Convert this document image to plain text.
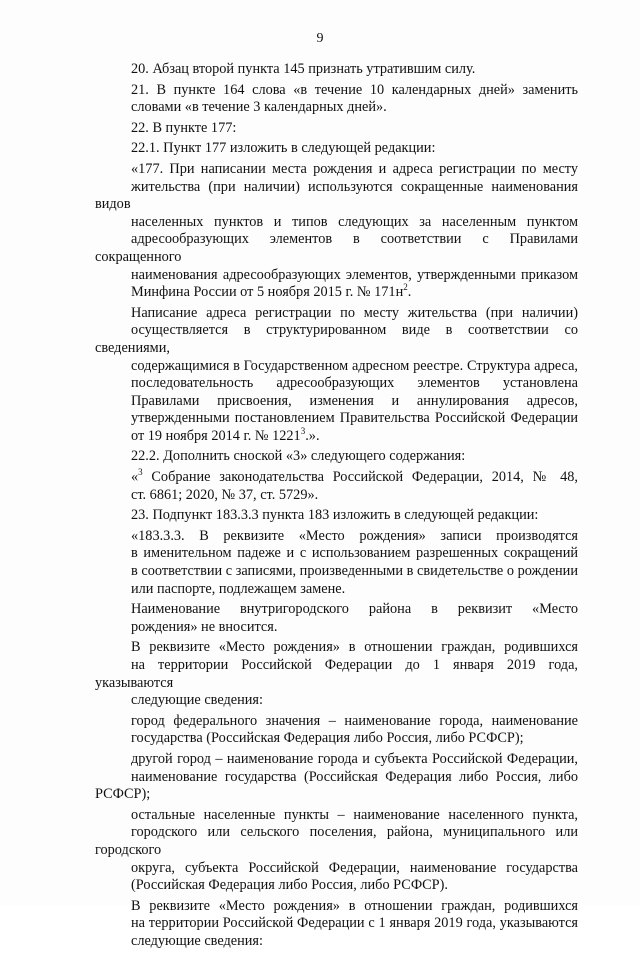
9
20. Абзац второй пункта 145 признать утратившим силу.
21. В пункте 164 слова «в течение 10 календарных дней» заменить
словами «в течение 3 календарных дней».
22. В пункте 177:
22.1. Пункт 177 изложить в следующей редакции:
«177. При написании места рождения и адреса регистрации по месту
жительства (при наличии) используются сокращенные наименования видов
населенных пунктов и типов следующих за населенным пунктом
адресообразующих элементов в соответствии с Правилами сокращенного
наименования адресообразующих элементов, утвержденными приказом
Минфина России от 5 ноября 2015 г. № $171н^2$.
Написание адреса регистрации по месту жительства (при наличии)
осуществляется в структурированном виде в соответствии со сведениями,
содержащимися в Государственном адресном реестре. Структура адреса,
последовательность адресообразующих элементов установлена
Правилами присвоения, изменения и аннулирования адресов,
утвержденными постановлением Правительства Российской Федерации
от 19 ноября 2014 г. № 1221$^3$.».
22.2. Дополнить сноской «3» следующего содержания:
«$^3$ Собрание законодательства Российской Федерации, 2014, № 48,
ст. 6861; 2020, № 37, ст. 5729».
23. Подпункт 183.3.3 пункта 183 изложить в следующей редакции:
«183.3.3. В реквизите «Место рождения» записи производятся
в именительном падеже и с использованием разрешенных сокращений
в соответствии с записями, произведенными в свидетельстве о рождении
или паспорте, подлежащем замене.
Наименование внутригородского района в реквизит «Место
рождения» не вносится.
В реквизите «Место рождения» в отношении граждан, родившихся
на территории Российской Федерации до 1 января 2019 года, указываются
следующие сведения:
город федерального значения – наименование города, наименование
государства (Российская Федерация либо Россия, либо РСФСР);
другой город – наименование города и субъекта Российской Федерации,
наименование государства (Российская Федерация либо Россия, либо РСФСР);
остальные населенные пункты – наименование населенного пункта,
городского или сельского поселения, района, муниципального или городского
округа, субъекта Российской Федерации, наименование государства
(Российская Федерация либо Россия, либо РСФСР).
В реквизите «Место рождения» в отношении граждан, родившихся
на территории Российской Федерации с 1 января 2019 года, указываются
следующие сведения:
